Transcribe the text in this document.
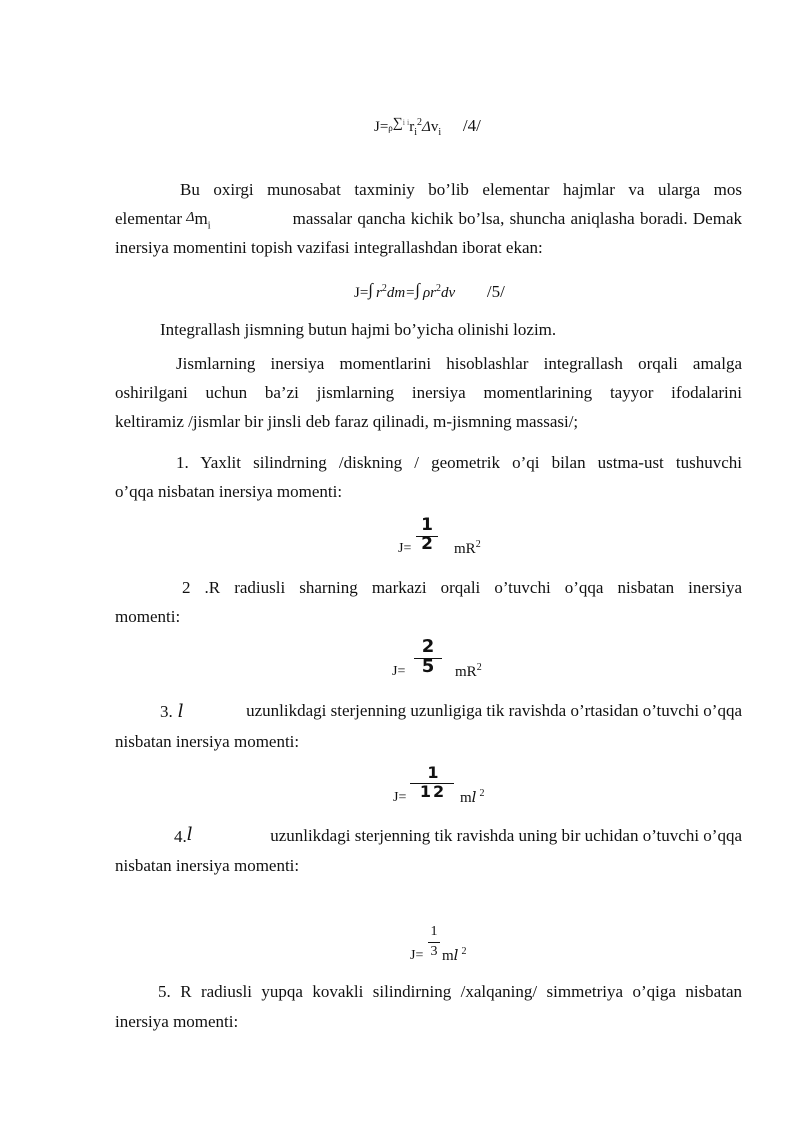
$J=\rho\sum^{i i}r_i^2\Delta v_i$ /4/
Bu oxirgi munosabat taxminiy bo’lib elementar hajmlar va ularga mos
elementar $\Delta m_i$	massalar qancha kichik bo’lsa, shuncha aniqlasha boradi. Demak
inersiya momentini topish vazifasi integrallashdan iborat ekan:
J=∫ $r^2dm=\int$ $\rho r^2dv$ /5/
Integrallash jismning butun hajmi bo’yicha olinishi lozim.
Jismlarning inersiya momentlarini hisoblashlar integrallash orqali amalga
oshirilgani uchun ba’zi jismlarning inersiya momentlarining tayyor ifodalarini
keltiramiz /jismlar bir jinsli deb faraz qilinadi, m-jismning massasi/;
1. Yaxlit silindrning /diskning / geometrik o’qi bilan ustma-ust tushuvchi
o’qqa nisbatan inersiya momenti:
J=
1
2 $mR^2$
2 .R radiusli sharning markazi orqali o’tuvchi o’qqa nisbatan inersiya
momenti:
J=
2
5	$mR^2$
3. l	uzunlikdagi sterjenning uzunligiga tik ravishda o’rtasidan o’tuvchi o’qqa
nisbatan inersiya momenti:
J=
1
12 ml $^2$
4.l	uzunlikdagi sterjenning tik ravishda uning bir uchidan o’tuvchi o’qqa
nisbatan inersiya momenti:
J=
1
3 ml $^2$
5. R radiusli yupqa kovakli silindirning /xalqaning/ simmetriya o’qiga nisbatan
inersiya momenti:
